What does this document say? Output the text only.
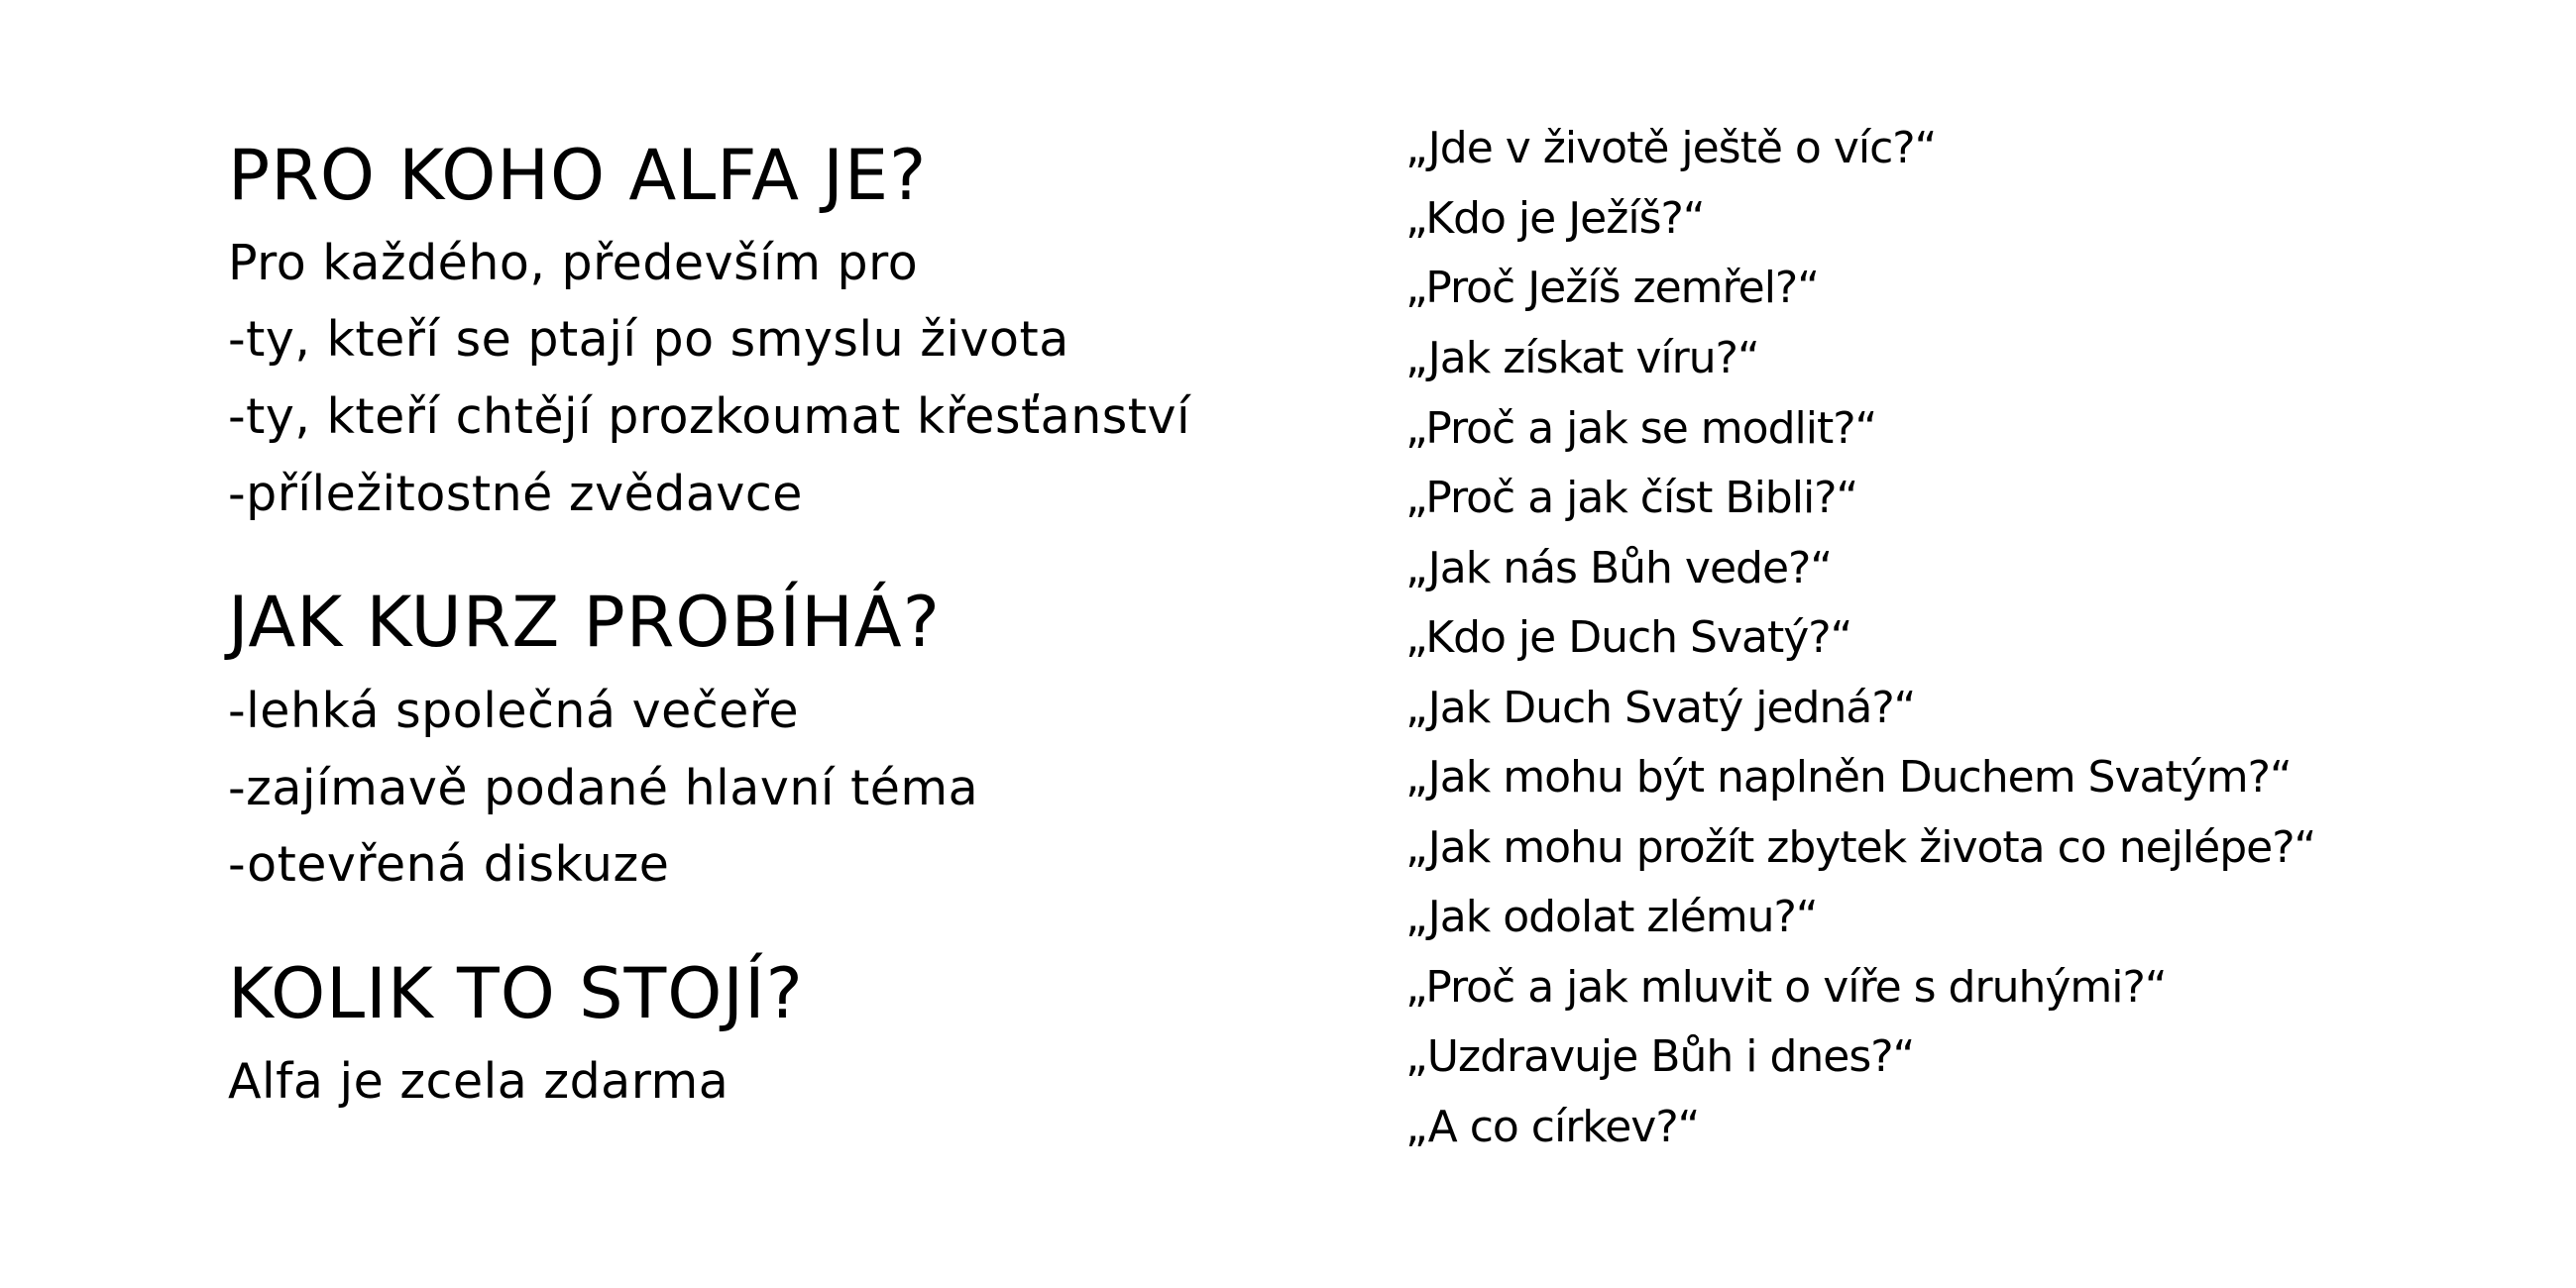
PRO KOHO ALFA JE?

Pro každého, především pro

-ty, kteří se ptají po smyslu života

-ty, kteří chtějí prozkoumat křesťanství

-příležitostné zvědavce

JAK KURZ PROBÍHÁ?

-lehká společná večeře

-zajímavě podané hlavní téma

-otevřená diskuze

KOLIK TO STOJÍ?

Alfa je zcela zdarma

„Jde v životě ještě o víc?“

„Kdo je Ježíš?“

„Proč Ježíš zemřel?“

„Jak získat víru?“

„Proč a jak se modlit?“

„Proč a jak číst Bibli?“

„Jak nás Bůh vede?“

„Kdo je Duch Svatý?“

„Jak Duch Svatý jedná?“

„Jak mohu být naplněn Duchem Svatým?“

„Jak mohu prožít zbytek života co nejlépe?“

„Jak odolat zlému?“

„Proč a jak mluvit o víře s druhými?“

„Uzdravuje Bůh i dnes?“

„A co církev?“
